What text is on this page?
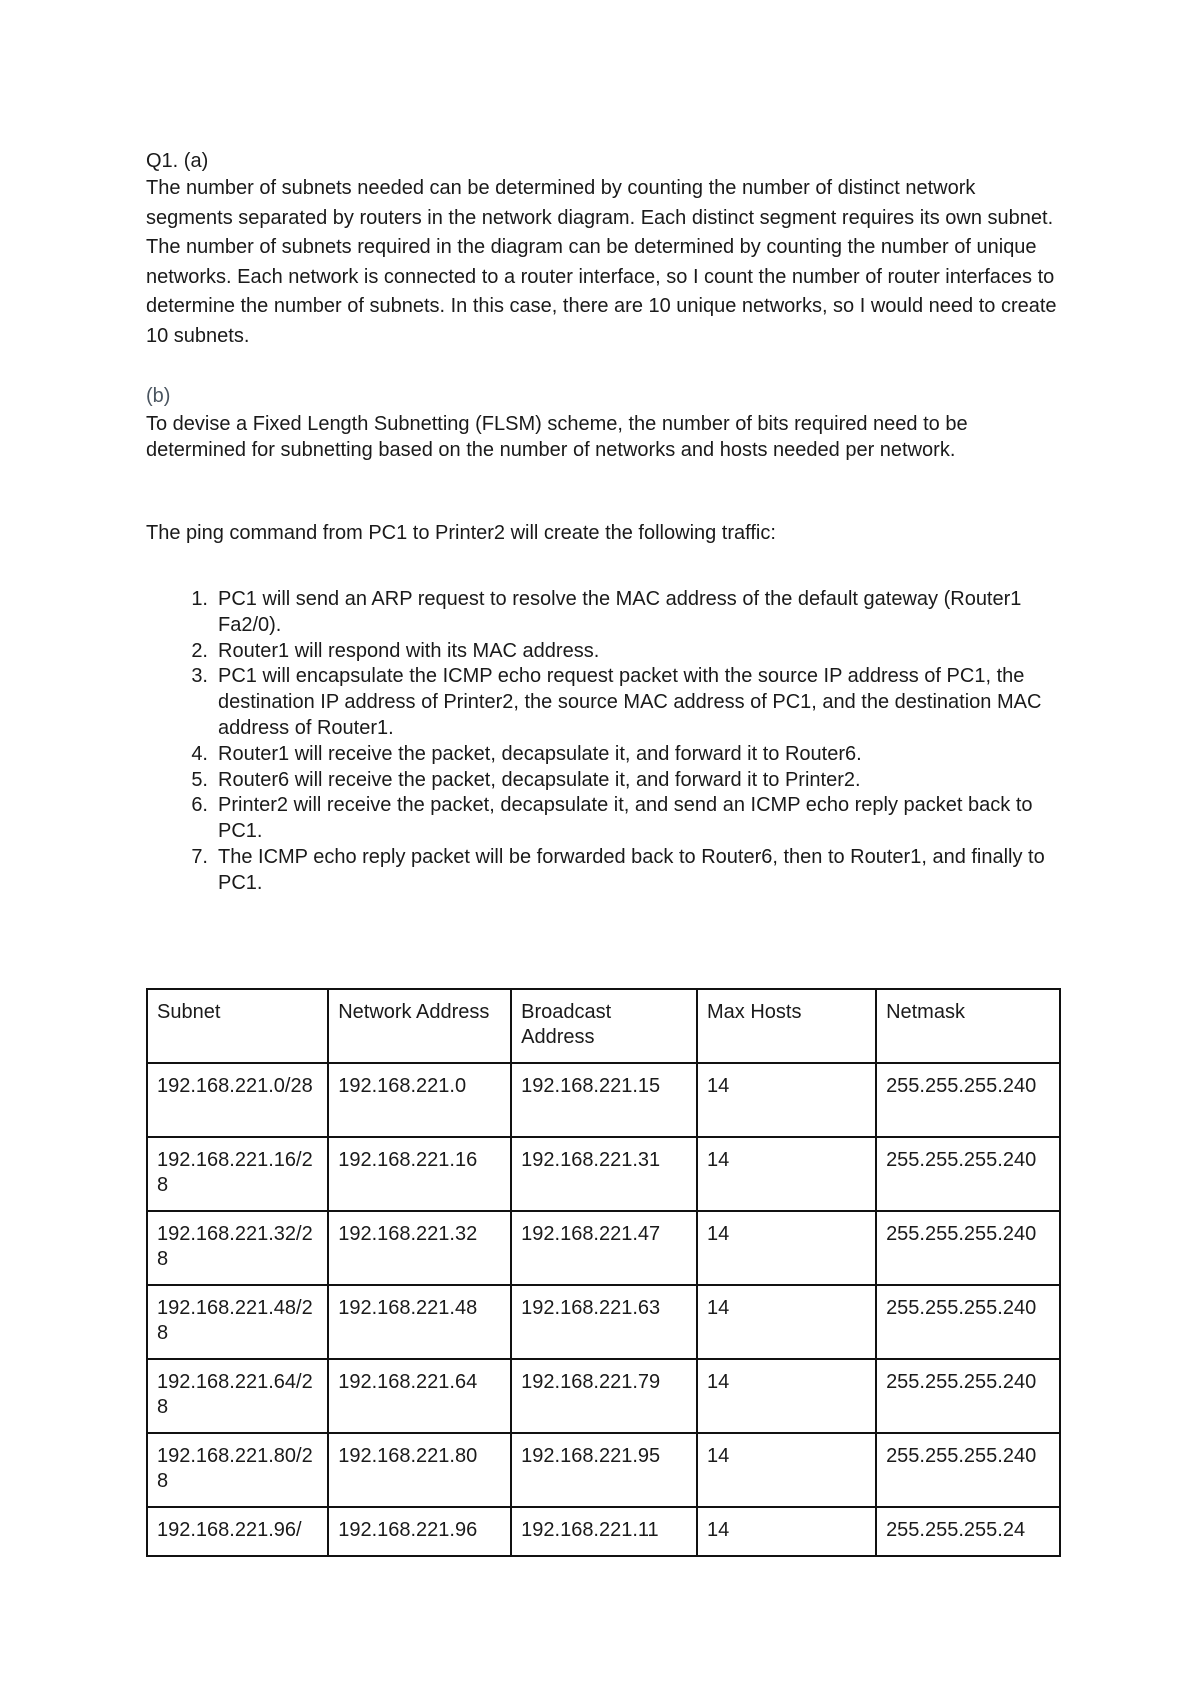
Q1. (a)
The number of subnets needed can be determined by counting the number of distinct network segments separated by routers in the network diagram. Each distinct segment requires its own subnet. The number of subnets required in the diagram can be determined by counting the number of unique networks. Each network is connected to a router interface, so I count the number of router interfaces to determine the number of subnets. In this case, there are 10 unique networks, so I would need to create 10 subnets.
(b)
To devise a Fixed Length Subnetting (FLSM) scheme, the number of bits required need to be determined for subnetting based on the number of networks and hosts needed per network.
The ping command from PC1 to Printer2 will create the following traffic:
1. PC1 will send an ARP request to resolve the MAC address of the default gateway (Router1 Fa2/0).
2. Router1 will respond with its MAC address.
3. PC1 will encapsulate the ICMP echo request packet with the source IP address of PC1, the destination IP address of Printer2, the source MAC address of PC1, and the destination MAC address of Router1.
4. Router1 will receive the packet, decapsulate it, and forward it to Router6.
5. Router6 will receive the packet, decapsulate it, and forward it to Printer2.
6. Printer2 will receive the packet, decapsulate it, and send an ICMP echo reply packet back to PC1.
7. The ICMP echo reply packet will be forwarded back to Router6, then to Router1, and finally to PC1.
Subnet	Network Address	Broadcast Address	Max Hosts	Netmask
192.168.221.0/28	192.168.221.0	192.168.221.15	14	255.255.255.240
192.168.221.16/28	192.168.221.16	192.168.221.31	14	255.255.255.240
192.168.221.32/28	192.168.221.32	192.168.221.47	14	255.255.255.240
192.168.221.48/28	192.168.221.48	192.168.221.63	14	255.255.255.240
192.168.221.64/28	192.168.221.64	192.168.221.79	14	255.255.255.240
192.168.221.80/28	192.168.221.80	192.168.221.95	14	255.255.255.240
192.168.221.96/	192.168.221.96	192.168.221.11	14	255.255.255.24
